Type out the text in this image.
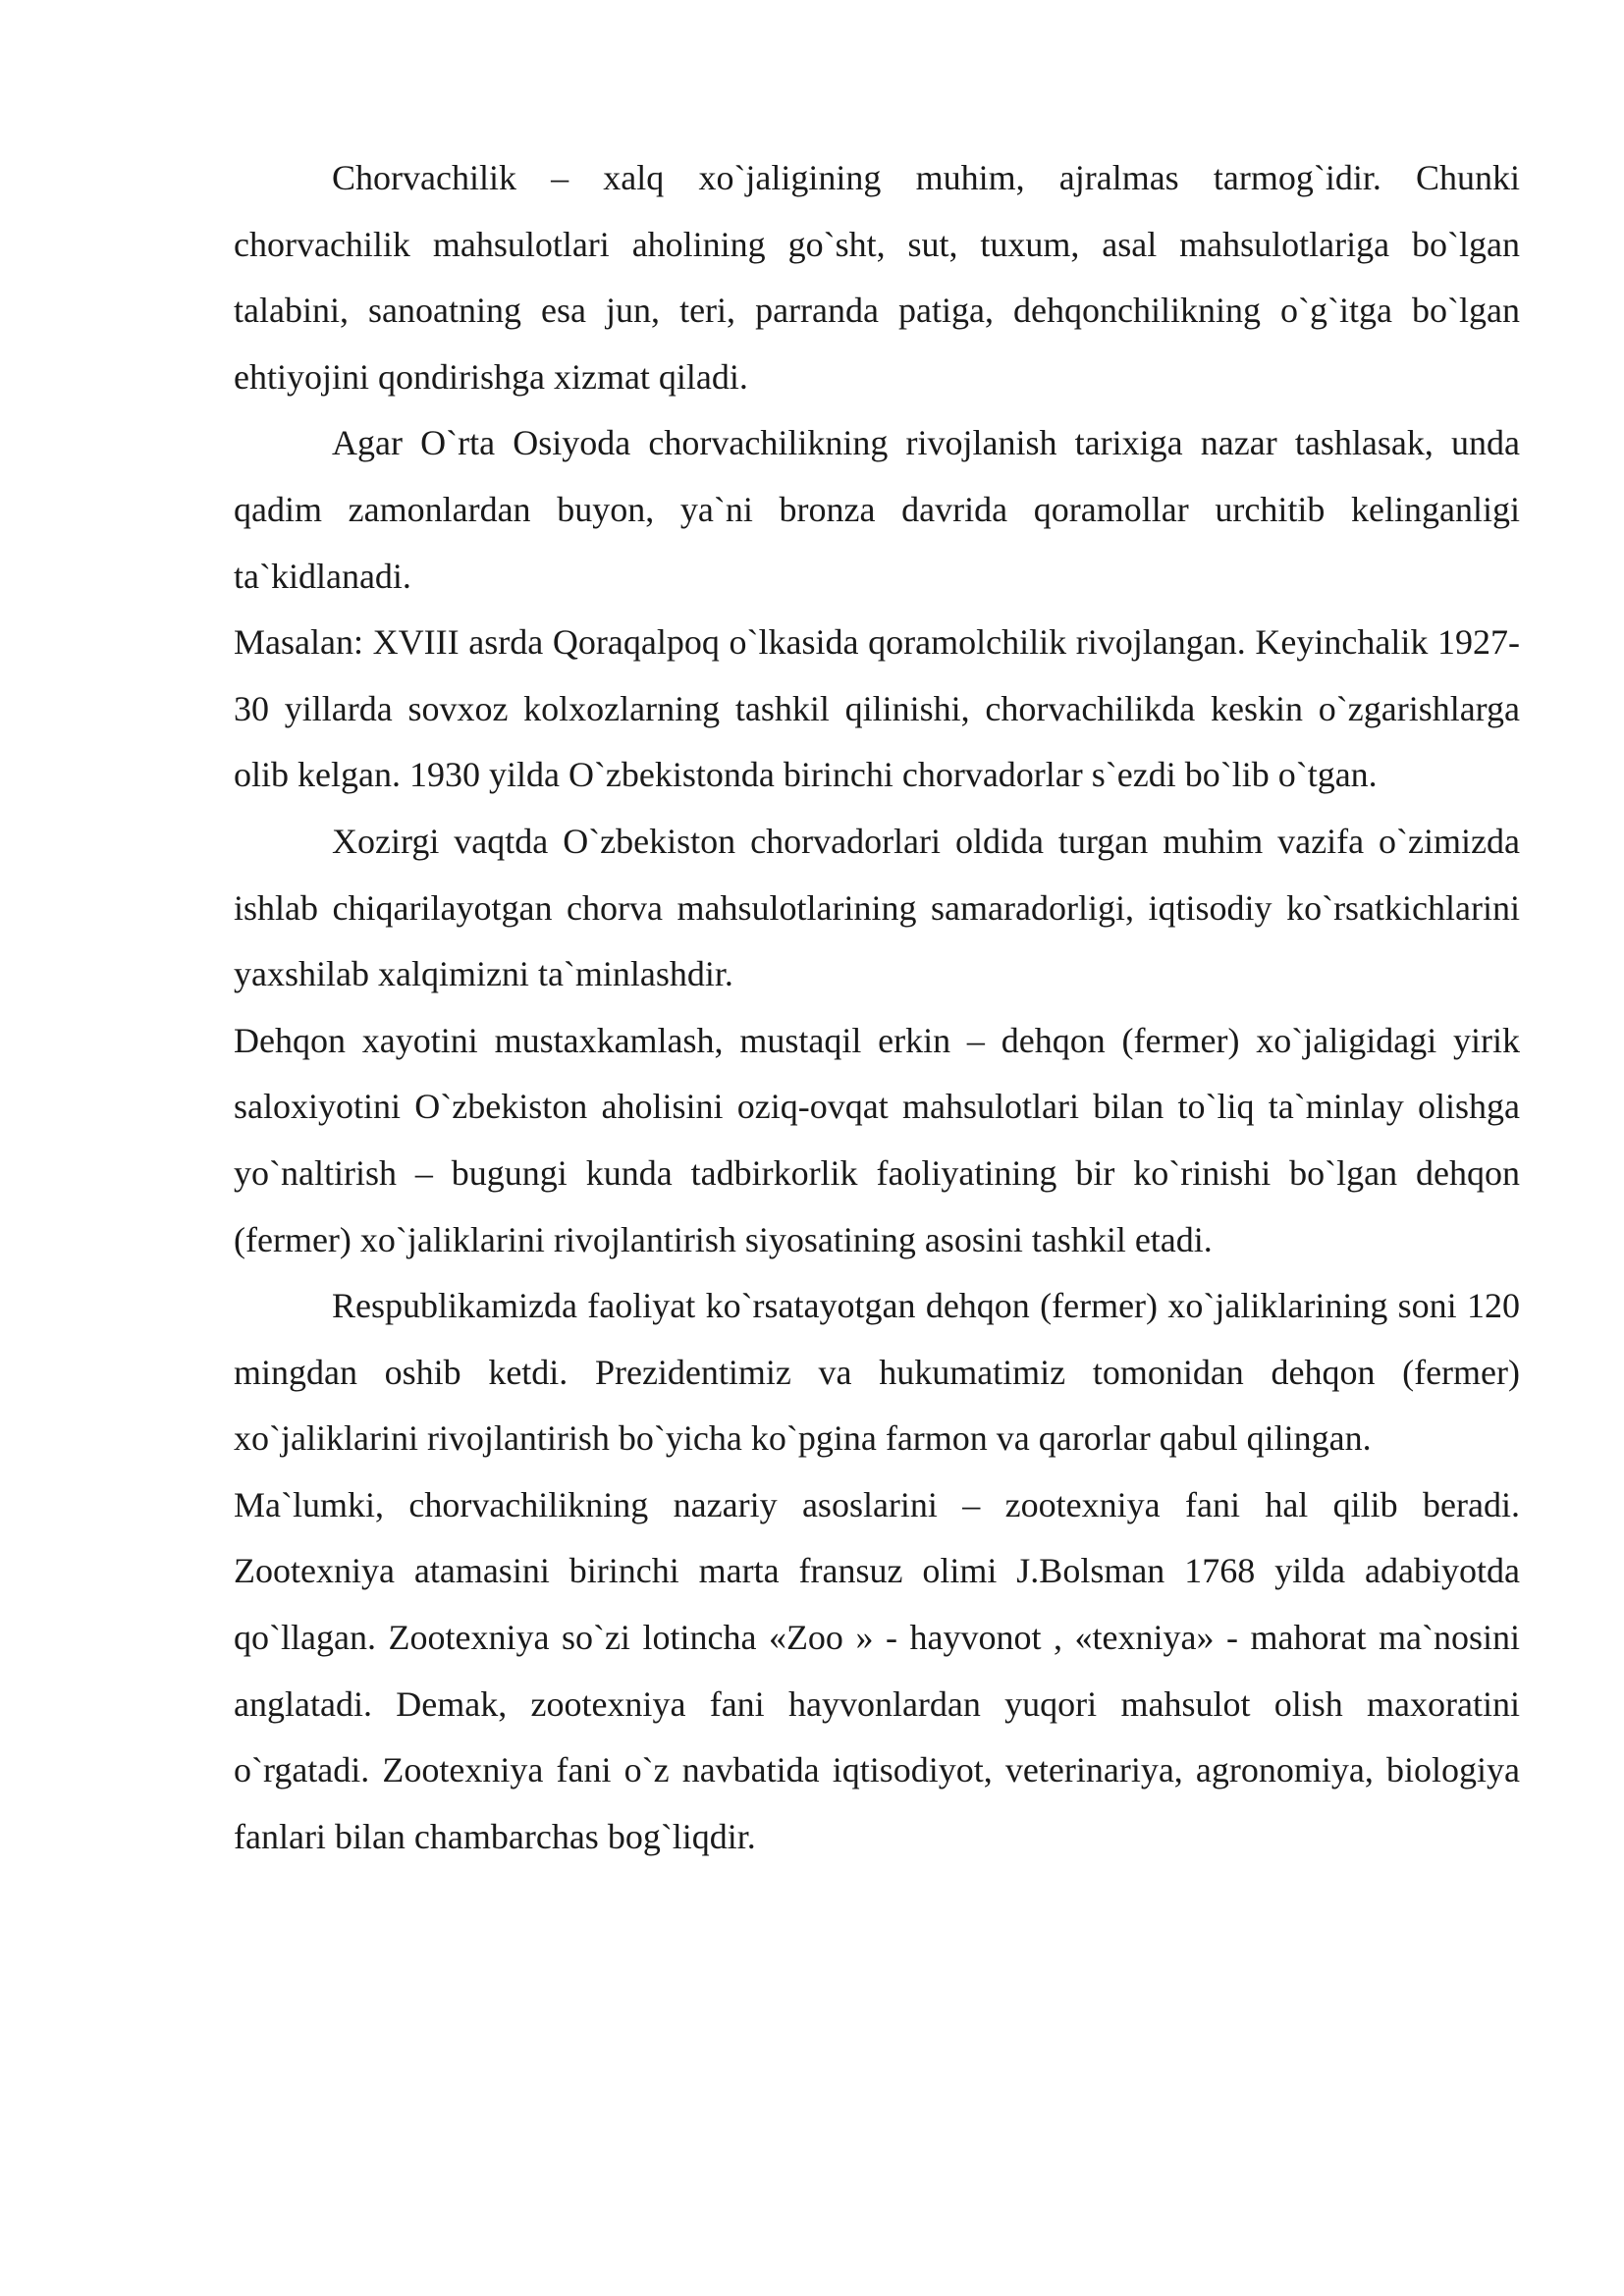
Chorvachilik – xalq xo`jaligining muhim, ajralmas tarmog`idir. Chunki chorvachilik mahsulotlari aholining go`sht, sut, tuxum, asal mahsulotlariga bo`lgan talabini, sanoatning esa jun, teri, parranda patiga, dehqonchilikning o`g`itga bo`lgan ehtiyojini qondirishga xizmat qiladi.

Agar O`rta Osiyoda chorvachilikning rivojlanish tarixiga nazar tashlasak, unda qadim zamonlardan buyon, ya`ni bronza davrida qoramollar urchitib kelinganligi ta`kidlanadi.

Masalan: XVIII asrda Qoraqalpoq o`lkasida qoramolchilik rivojlangan. Keyinchalik 1927-30 yillarda sovxoz kolxozlarning tashkil qilinishi, chorvachilikda keskin o`zgarishlarga olib kelgan. 1930 yilda O`zbekistonda birinchi chorvadorlar s`ezdi bo`lib o`tgan.

Xozirgi vaqtda O`zbekiston chorvadorlari oldida turgan muhim vazifa o`zimizda ishlab chiqarilayotgan chorva mahsulotlarining samaradorligi, iqtisodiy ko`rsatkichlarini yaxshilab xalqimizni ta`minlashdir.

Dehqon xayotini mustaxkamlash, mustaqil erkin – dehqon (fermer) xo`jaligidagi yirik saloxiyotini O`zbekiston aholisini oziq-ovqat mahsulotlari bilan to`liq ta`minlay olishga yo`naltirish – bugungi kunda tadbirkorlik faoliyatining bir ko`rinishi bo`lgan dehqon (fermer) xo`jaliklarini rivojlantirish siyosatining asosini tashkil etadi.

Respublikamizda faoliyat ko`rsatayotgan dehqon (fermer) xo`jaliklarining soni 120 mingdan oshib ketdi. Prezidentimiz va hukumatimiz tomonidan dehqon (fermer) xo`jaliklarini rivojlantirish bo`yicha ko`pgina farmon va qarorlar qabul qilingan.

Ma`lumki, chorvachilikning nazariy asoslarini – zootexniya fani hal qilib beradi. Zootexniya atamasini birinchi marta fransuz olimi J.Bolsman 1768 yilda adabiyotda qo`llagan. Zootexniya so`zi lotincha «Zoo » - hayvonot , «texniya» - mahorat ma`nosini anglatadi. Demak, zootexniya fani hayvonlardan yuqori mahsulot olish maxoratini o`rgatadi. Zootexniya fani o`z navbatida iqtisodiyot, veterinariya, agronomiya, biologiya fanlari bilan chambarchas bog`liqdir.
